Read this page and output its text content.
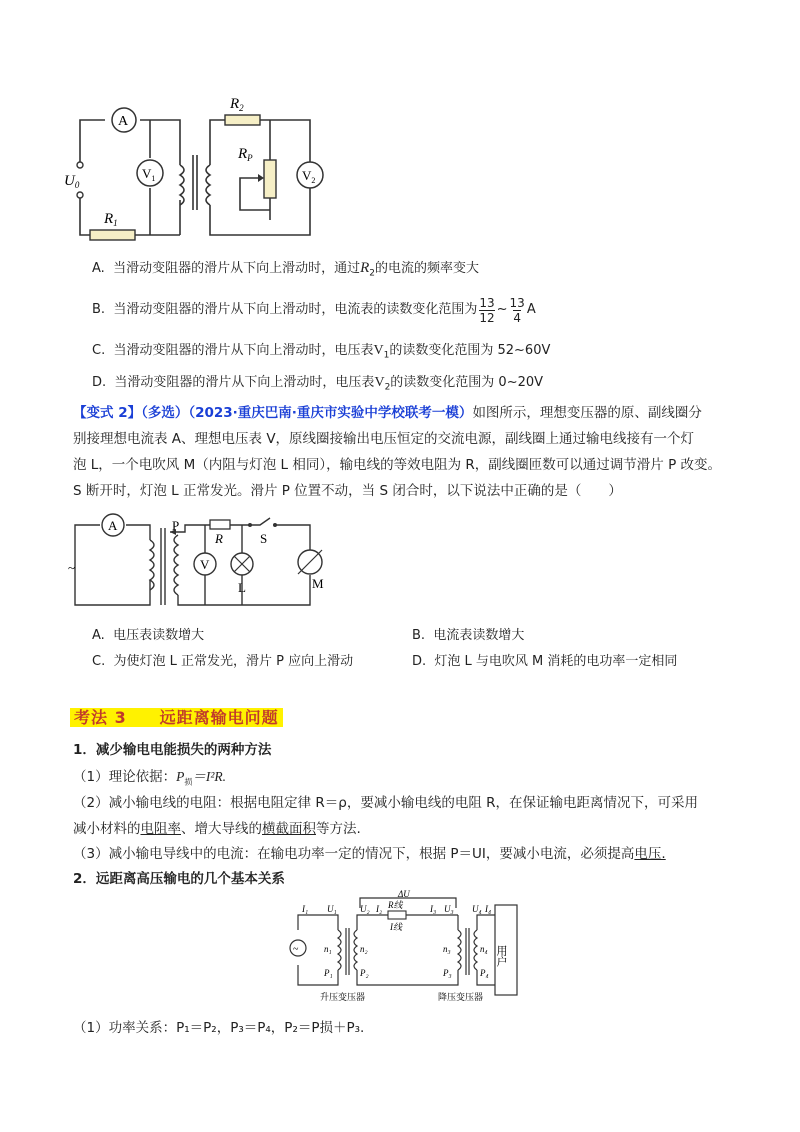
A
$V_1$	$V_2$
$R_1$
$R_2$
$R_P$
$U_0$
A. 当滑动变阻器的滑片从下向上滑动时，通过$R_2$的电流的频率变大
B.
当滑动变阻器的滑片从下向上滑动时，电流表的读数变化范围为 13
12
~ 13
4
A
C. 当滑动变阻器的滑片从下向上滑动时，电压表$V_1$的读数变化范围为 52~60V
D. 当滑动变阻器的滑片从下向上滑动时，电压表$V_2$的读数变化范围为 0~20V
【变式 2】（多选）（2023·重庆巴南·重庆市实验中学校联考一模）如图所示，理想变压器的原、副线圈分
别接理想电流表 A、理想电压表 V，原线圈接输出电压恒定的交流电源，副线圈上通过输电线接有一个灯
泡 L，一个电吹风 M（内阻与灯泡 L 相同），输电线的等效电阻为 R，副线圈匝数可以通过调节滑片 P 改变。
S 断开时，灯泡 L 正常发光。滑片 P 位置不动，当 S 闭合时，以下说法中正确的是（　　）
A
V
P
R	S
L	M
~
A. 电压表读数增大	B. 电流表读数增大
C. 为使灯泡 L 正常发光，滑片 P 应向上滑动	D. 灯泡 L 与电吹风 M 消耗的电功率一定相同
考法 3 远距离输电问题
1．减少输电电能损失的两种方法
（1）理论依据：$P_损=I^2R$.
（2）减小输电线的电阻：根据电阻定律 R＝ρ，要减小输电线的电阻 R，在保证输电距离情况下，可采用
减小材料的电阻率、增大导线的横截面积等方法.
（3）减小输电导线中的电流：在输电功率一定的情况下，根据 P＝UI，要减小电流，必须提高电压.
2．远距离高压输电的几个基本关系
~
ΔU
I₁ U₁	U₂ I₂ R线
I线
I₃ U₃ U₄ I₄
n₁	n₂	n₃	n₄
P₁	P₂	P₃	P₄
用户
升压变压器	降压变压器
（1）功率关系：P₁＝P₂，P₃＝P₄，P₂＝P损＋P₃.
